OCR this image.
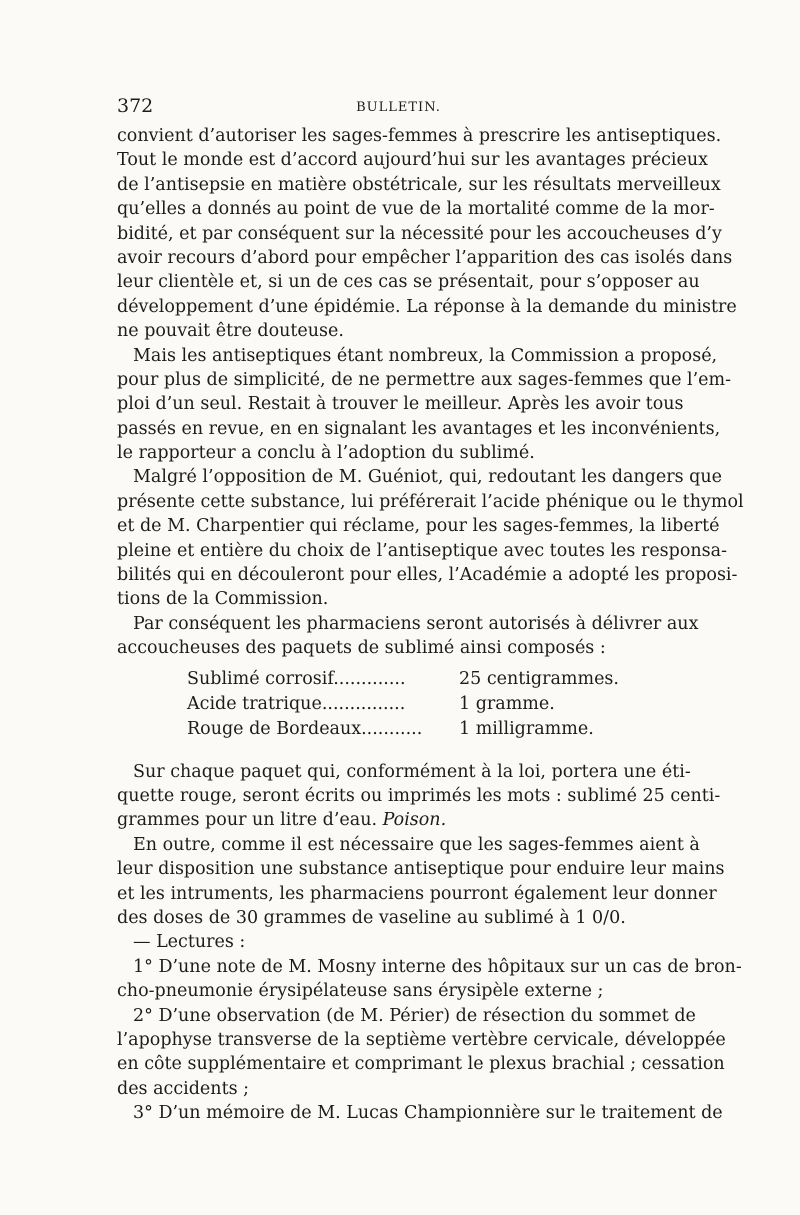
372	BULLETIN.
convient d’autoriser les sages-femmes à prescrire les antiseptiques.
Tout le monde est d’accord aujourd’hui sur les avantages précieux
de l’antisepsie en matière obstétricale, sur les résultats merveilleux
qu’elles a donnés au point de vue de la mortalité comme de la mor-
bidité, et par conséquent sur la nécessité pour les accoucheuses d’y
avoir recours d’abord pour empêcher l’apparition des cas isolés dans
leur clientèle et, si un de ces cas se présentait, pour s’opposer au
développement d’une épidémie. La réponse à la demande du ministre
ne pouvait être douteuse.
Mais les antiseptiques étant nombreux, la Commission a proposé,
pour plus de simplicité, de ne permettre aux sages-femmes que l’em-
ploi d’un seul. Restait à trouver le meilleur. Après les avoir tous
passés en revue, en en signalant les avantages et les inconvénients,
le rapporteur a conclu à l’adoption du sublimé.
Malgré l’opposition de M. Guéniot, qui, redoutant les dangers que
présente cette substance, lui préférerait l’acide phénique ou le thymol
et de M. Charpentier qui réclame, pour les sages-femmes, la liberté
pleine et entière du choix de l’antiseptique avec toutes les responsa-
bilités qui en découleront pour elles, l’Académie a adopté les proposi-
tions de la Commission.
Par conséquent les pharmaciens seront autorisés à délivrer aux
accoucheuses des paquets de sublimé ainsi composés :
Sublimé corrosif.............	25 centigrammes.
Acide tratrique...............	1 gramme.
Rouge de Bordeaux...........	1 milligramme.
Sur chaque paquet qui, conformément à la loi, portera une éti-
quette rouge, seront écrits ou imprimés les mots : sublimé 25 centi-
grammes pour un litre d’eau. Poison.
En outre, comme il est nécessaire que les sages-femmes aient à
leur disposition une substance antiseptique pour enduire leur mains
et les intruments, les pharmaciens pourront également leur donner
des doses de 30 grammes de vaseline au sublimé à 1 0/0.
— Lectures :
1° D’une note de M. Mosny interne des hôpitaux sur un cas de bron-
cho-pneumonie érysipélateuse sans érysipèle externe ;
2° D’une observation (de M. Périer) de résection du sommet de
l’apophyse transverse de la septième vertèbre cervicale, développée
en côte supplémentaire et comprimant le plexus brachial ; cessation
des accidents ;
3° D’un mémoire de M. Lucas Championnière sur le traitement de
